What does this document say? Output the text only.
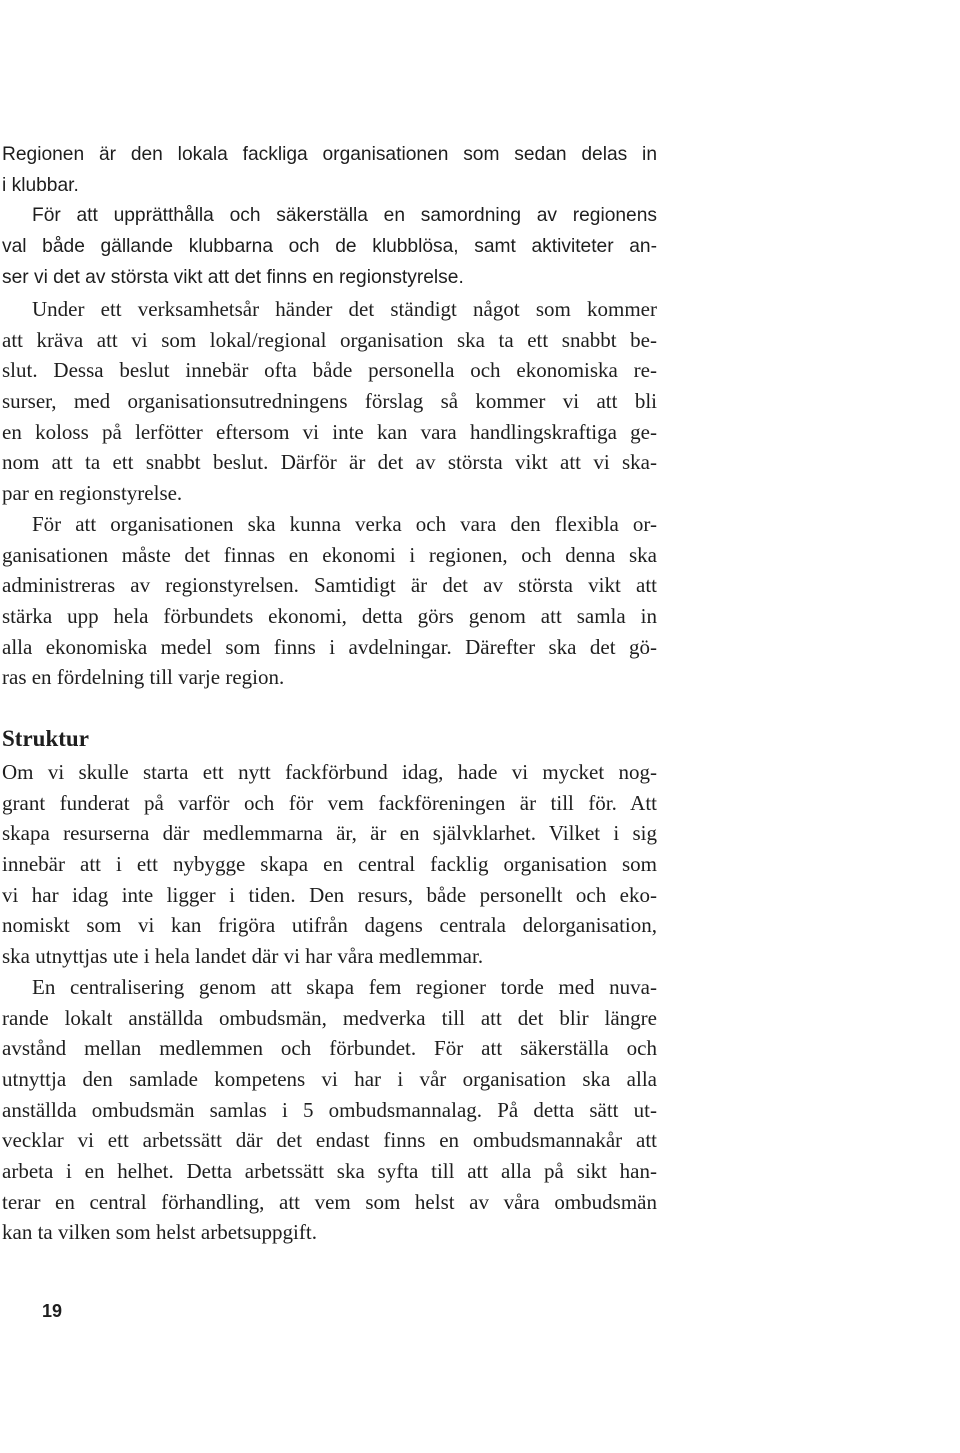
Regionen är den lokala fackliga organisationen som sedan delas in
i klubbar.
För att upprätthålla och säkerställa en samordning av regionens
val både gällande klubbarna och de klubblösa, samt aktiviteter an-
ser vi det av största vikt att det finns en regionstyrelse.
Under ett verksamhetsår händer det ständigt något som kommer
att kräva att vi som lokal/regional organisation ska ta ett snabbt be-
slut. Dessa beslut innebär ofta både personella och ekonomiska re-
surser, med organisationsutredningens förslag så kommer vi att bli
en koloss på lerfötter eftersom vi inte kan vara handlingskraftiga ge-
nom att ta ett snabbt beslut. Därför är det av största vikt att vi ska-
par en regionstyrelse.
För att organisationen ska kunna verka och vara den flexibla or-
ganisationen måste det finnas en ekonomi i regionen, och denna ska
administreras av regionstyrelsen. Samtidigt är det av största vikt att
stärka upp hela förbundets ekonomi, detta görs genom att samla in
alla ekonomiska medel som finns i avdelningar. Därefter ska det gö-
ras en fördelning till varje region.
Struktur
Om vi skulle starta ett nytt fackförbund idag, hade vi mycket nog-
grant funderat på varför och för vem fackföreningen är till för. Att
skapa resurserna där medlemmarna är, är en självklarhet. Vilket i sig
innebär att i ett nybygge skapa en central facklig organisation som
vi har idag inte ligger i tiden. Den resurs, både personellt och eko-
nomiskt som vi kan frigöra utifrån dagens centrala delorganisation,
ska utnyttjas ute i hela landet där vi har våra medlemmar.
En centralisering genom att skapa fem regioner torde med nuva-
rande lokalt anställda ombudsmän, medverka till att det blir längre
avstånd mellan medlemmen och förbundet. För att säkerställa och
utnyttja den samlade kompetens vi har i vår organisation ska alla
anställda ombudsmän samlas i 5 ombudsmannalag. På detta sätt ut-
vecklar vi ett arbetssätt där det endast finns en ombudsmannakår att
arbeta i en helhet. Detta arbetssätt ska syfta till att alla på sikt han-
terar en central förhandling, att vem som helst av våra ombudsmän
kan ta vilken som helst arbetsuppgift.
19
